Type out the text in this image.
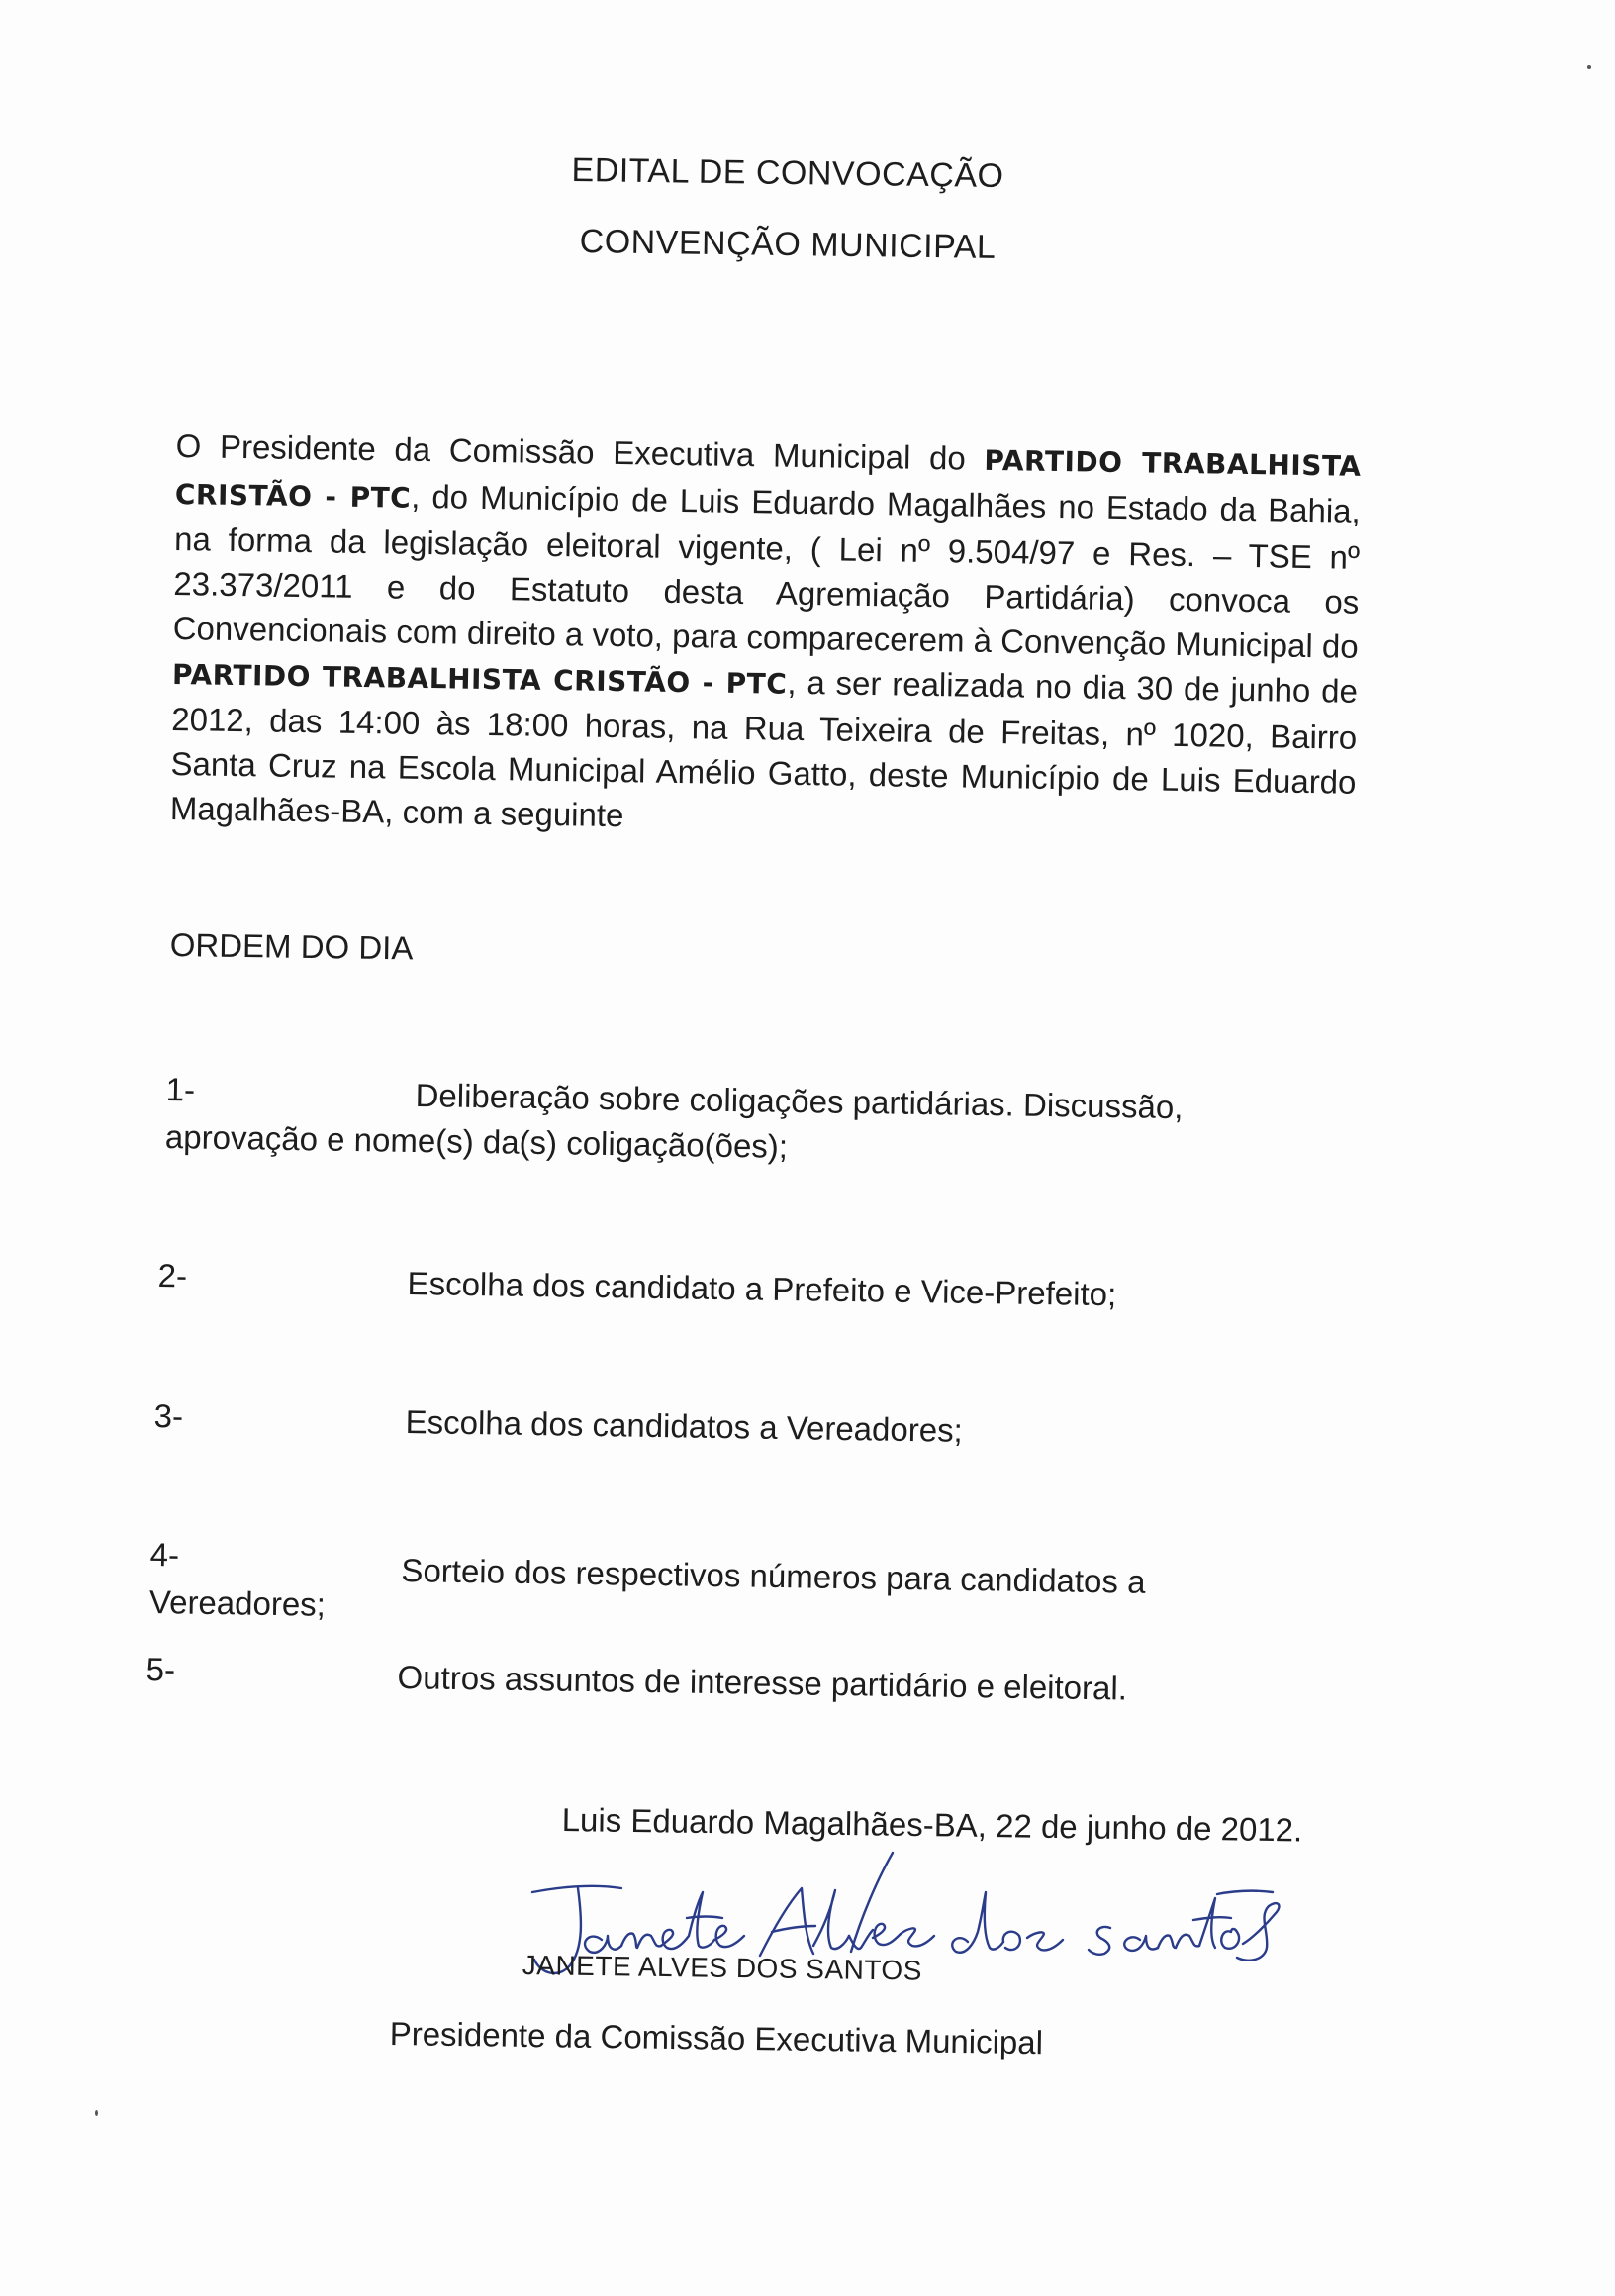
EDITAL DE CONVOCAÇÃO
CONVENÇÃO MUNICIPAL
O Presidente da Comissão Executiva Municipal do PARTIDO TRABALHISTA CRISTÃO - PTC, do Município de Luis Eduardo Magalhães no Estado da Bahia, na forma da legislação eleitoral vigente, ( Lei nº 9.504/97 e Res. – TSE nº 23.373/2011 e do Estatuto desta Agremiação Partidária) convoca os Convencionais com direito a voto, para comparecerem à Convenção Municipal do PARTIDO TRABALHISTA CRISTÃO - PTC, a ser realizada no dia 30 de junho de 2012, das 14:00 às 18:00 horas, na Rua Teixeira de Freitas, nº 1020, Bairro Santa Cruz na Escola Municipal Amélio Gatto, deste Município de Luis Eduardo Magalhães-BA, com a seguinte
ORDEM DO DIA
1-	Deliberação sobre coligações partidárias. Discussão,
aprovação e nome(s) da(s) coligação(ões);
2-	Escolha dos candidato a Prefeito e Vice-Prefeito;
3-	Escolha dos candidatos a Vereadores;
4-	Sorteio dos respectivos números para candidatos a
Vereadores;
5-	Outros assuntos de interesse partidário e eleitoral.
Luis Eduardo Magalhães-BA, 22 de junho de 2012.
JANETE ALVES DOS SANTOS
Presidente da Comissão Executiva Municipal
